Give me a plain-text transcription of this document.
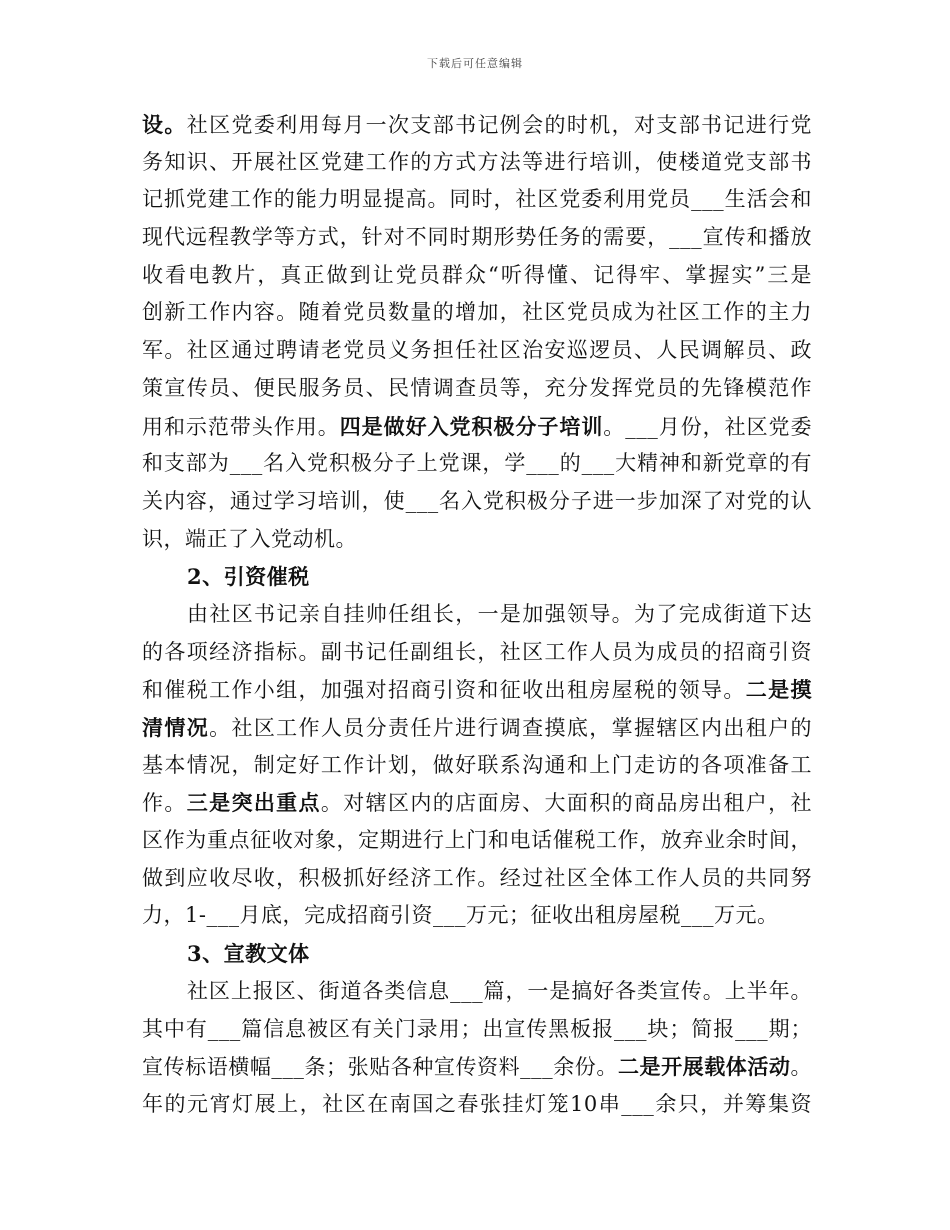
下载后可任意编辑
设。社区党委利用每月一次支部书记例会的时机，对支部书记进行党
务知识、开展社区党建工作的方式方法等进行培训，使楼道党支部书
记抓党建工作的能力明显提高。同时，社区党委利用党员___生活会和
现代远程教学等方式，针对不同时期形势任务的需要，___宣传和播放
收看电教片，真正做到让党员群众“听得懂、记得牢、掌握实”三是
创新工作内容。随着党员数量的增加，社区党员成为社区工作的主力
军。社区通过聘请老党员义务担任社区治安巡逻员、人民调解员、政
策宣传员、便民服务员、民情调查员等，充分发挥党员的先锋模范作
用和示范带头作用。四是做好入党积极分子培训。___月份，社区党委
和支部为___名入党积极分子上党课，学___的___大精神和新党章的有
关内容，通过学习培训，使___名入党积极分子进一步加深了对党的认
识，端正了入党动机。
2、引资催税
由社区书记亲自挂帅任组长，一是加强领导。为了完成街道下达
的各项经济指标。副书记任副组长，社区工作人员为成员的招商引资
和催税工作小组，加强对招商引资和征收出租房屋税的领导。二是摸
清情况。社区工作人员分责任片进行调查摸底，掌握辖区内出租户的
基本情况，制定好工作计划，做好联系沟通和上门走访的各项准备工
作。三是突出重点。对辖区内的店面房、大面积的商品房出租户，社
区作为重点征收对象，定期进行上门和电话催税工作，放弃业余时间，
做到应收尽收，积极抓好经济工作。经过社区全体工作人员的共同努
力，1-___月底，完成招商引资___万元；征收出租房屋税___万元。
3、宣教文体
社区上报区、街道各类信息___篇，一是搞好各类宣传。上半年。
其中有___篇信息被区有关门录用；出宣传黑板报___块；简报___期；
宣传标语横幅___条；张贴各种宣传资料___余份。二是开展载体活动。
年的元宵灯展上，社区在南国之春张挂灯笼10串___余只，并筹集资
